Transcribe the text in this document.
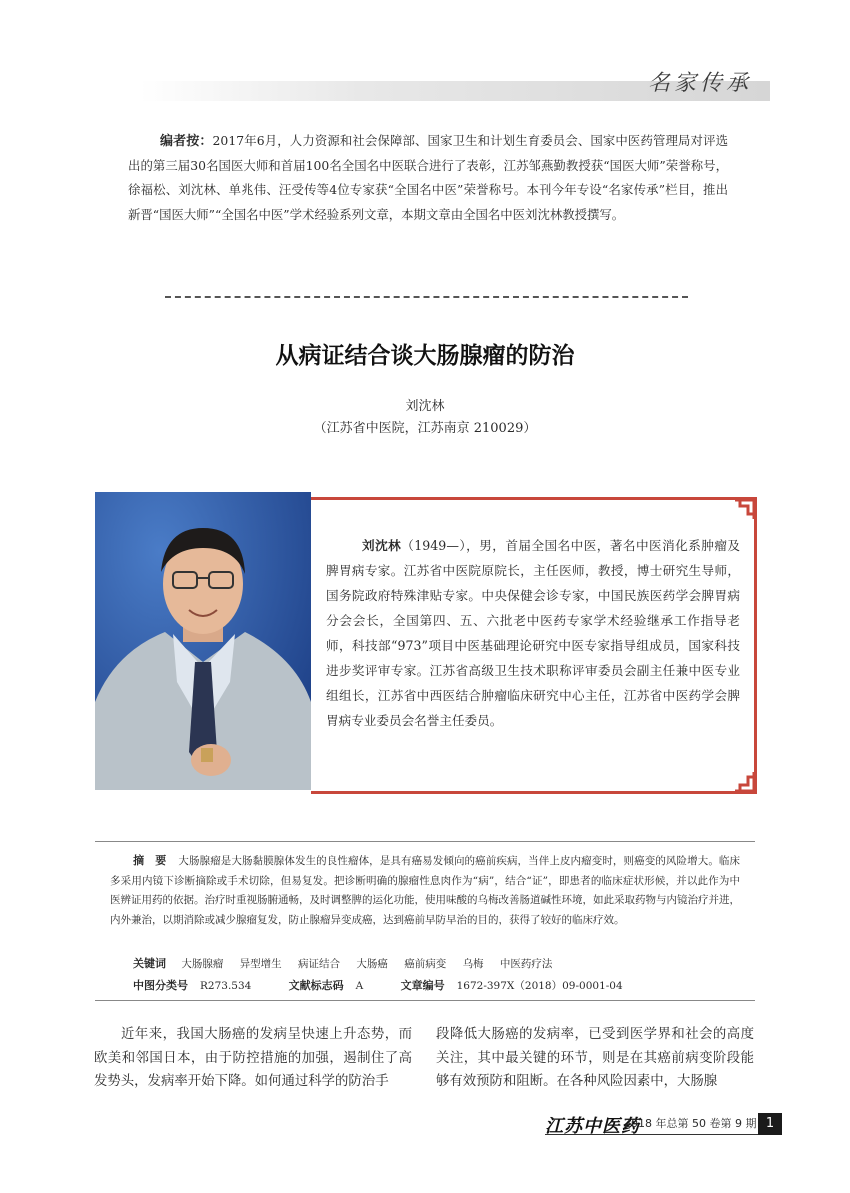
名家传承
编者按：2017年6月，人力资源和社会保障部、国家卫生和计划生育委员会、国家中医药管理局对评选出的第三届30名国医大师和首届100名全国名中医联合进行了表彰，江苏邹燕勤教授获“国医大师”荣誉称号，徐福松、刘沈林、单兆伟、汪受传等4位专家获“全国名中医”荣誉称号。本刊今年专设“名家传承”栏目，推出新晋“国医大师”“全国名中医”学术经验系列文章，本期文章由全国名中医刘沈林教授撰写。
从病证结合谈大肠腺瘤的防治
刘沈林
（江苏省中医院，江苏南京 210029）
刘沈林（1949—），男，首届全国名中医，著名中医消化系肿瘤及脾胃病专家。江苏省中医院原院长，主任医师，教授，博士研究生导师，国务院政府特殊津贴专家。中央保健会诊专家，中国民族医药学会脾胃病分会会长，全国第四、五、六批老中医药专家学术经验继承工作指导老师，科技部“973”项目中医基础理论研究中医专家指导组成员，国家科技进步奖评审专家。江苏省高级卫生技术职称评审委员会副主任兼中医专业组组长，江苏省中西医结合肿瘤临床研究中心主任，江苏省中医药学会脾胃病专业委员会名誉主任委员。
摘　要 大肠腺瘤是大肠黏膜腺体发生的良性瘤体，是具有癌易发倾向的癌前疾病，当伴上皮内瘤变时，则癌变的风险增大。临床多采用内镜下诊断摘除或手术切除，但易复发。把诊断明确的腺瘤性息肉作为“病”，结合“证”，即患者的临床症状形候，并以此作为中医辨证用药的依据。治疗时重视肠腑通畅，及时调整脾的运化功能，使用味酸的乌梅改善肠道碱性环境，如此采取药物与内镜治疗并进，内外兼治，以期消除或减少腺瘤复发，防止腺瘤异变成癌，达到癌前早防早治的目的，获得了较好的临床疗效。
关键词 大肠腺瘤 异型增生 病证结合 大肠癌 癌前病变 乌梅 中医药疗法
中图分类号 R273.534	文献标志码 A	文章编号 1672-397X（2018）09-0001-04
近年来，我国大肠癌的发病呈快速上升态势，而欧美和邻国日本，由于防控措施的加强，遏制住了高发势头，发病率开始下降。如何通过科学的防治手
段降低大肠癌的发病率，已受到医学界和社会的高度关注，其中最关键的环节，则是在其癌前病变阶段能够有效预防和阻断。在各种风险因素中，大肠腺
江苏中医药
2018 年总第 50 卷第 9 期 1
